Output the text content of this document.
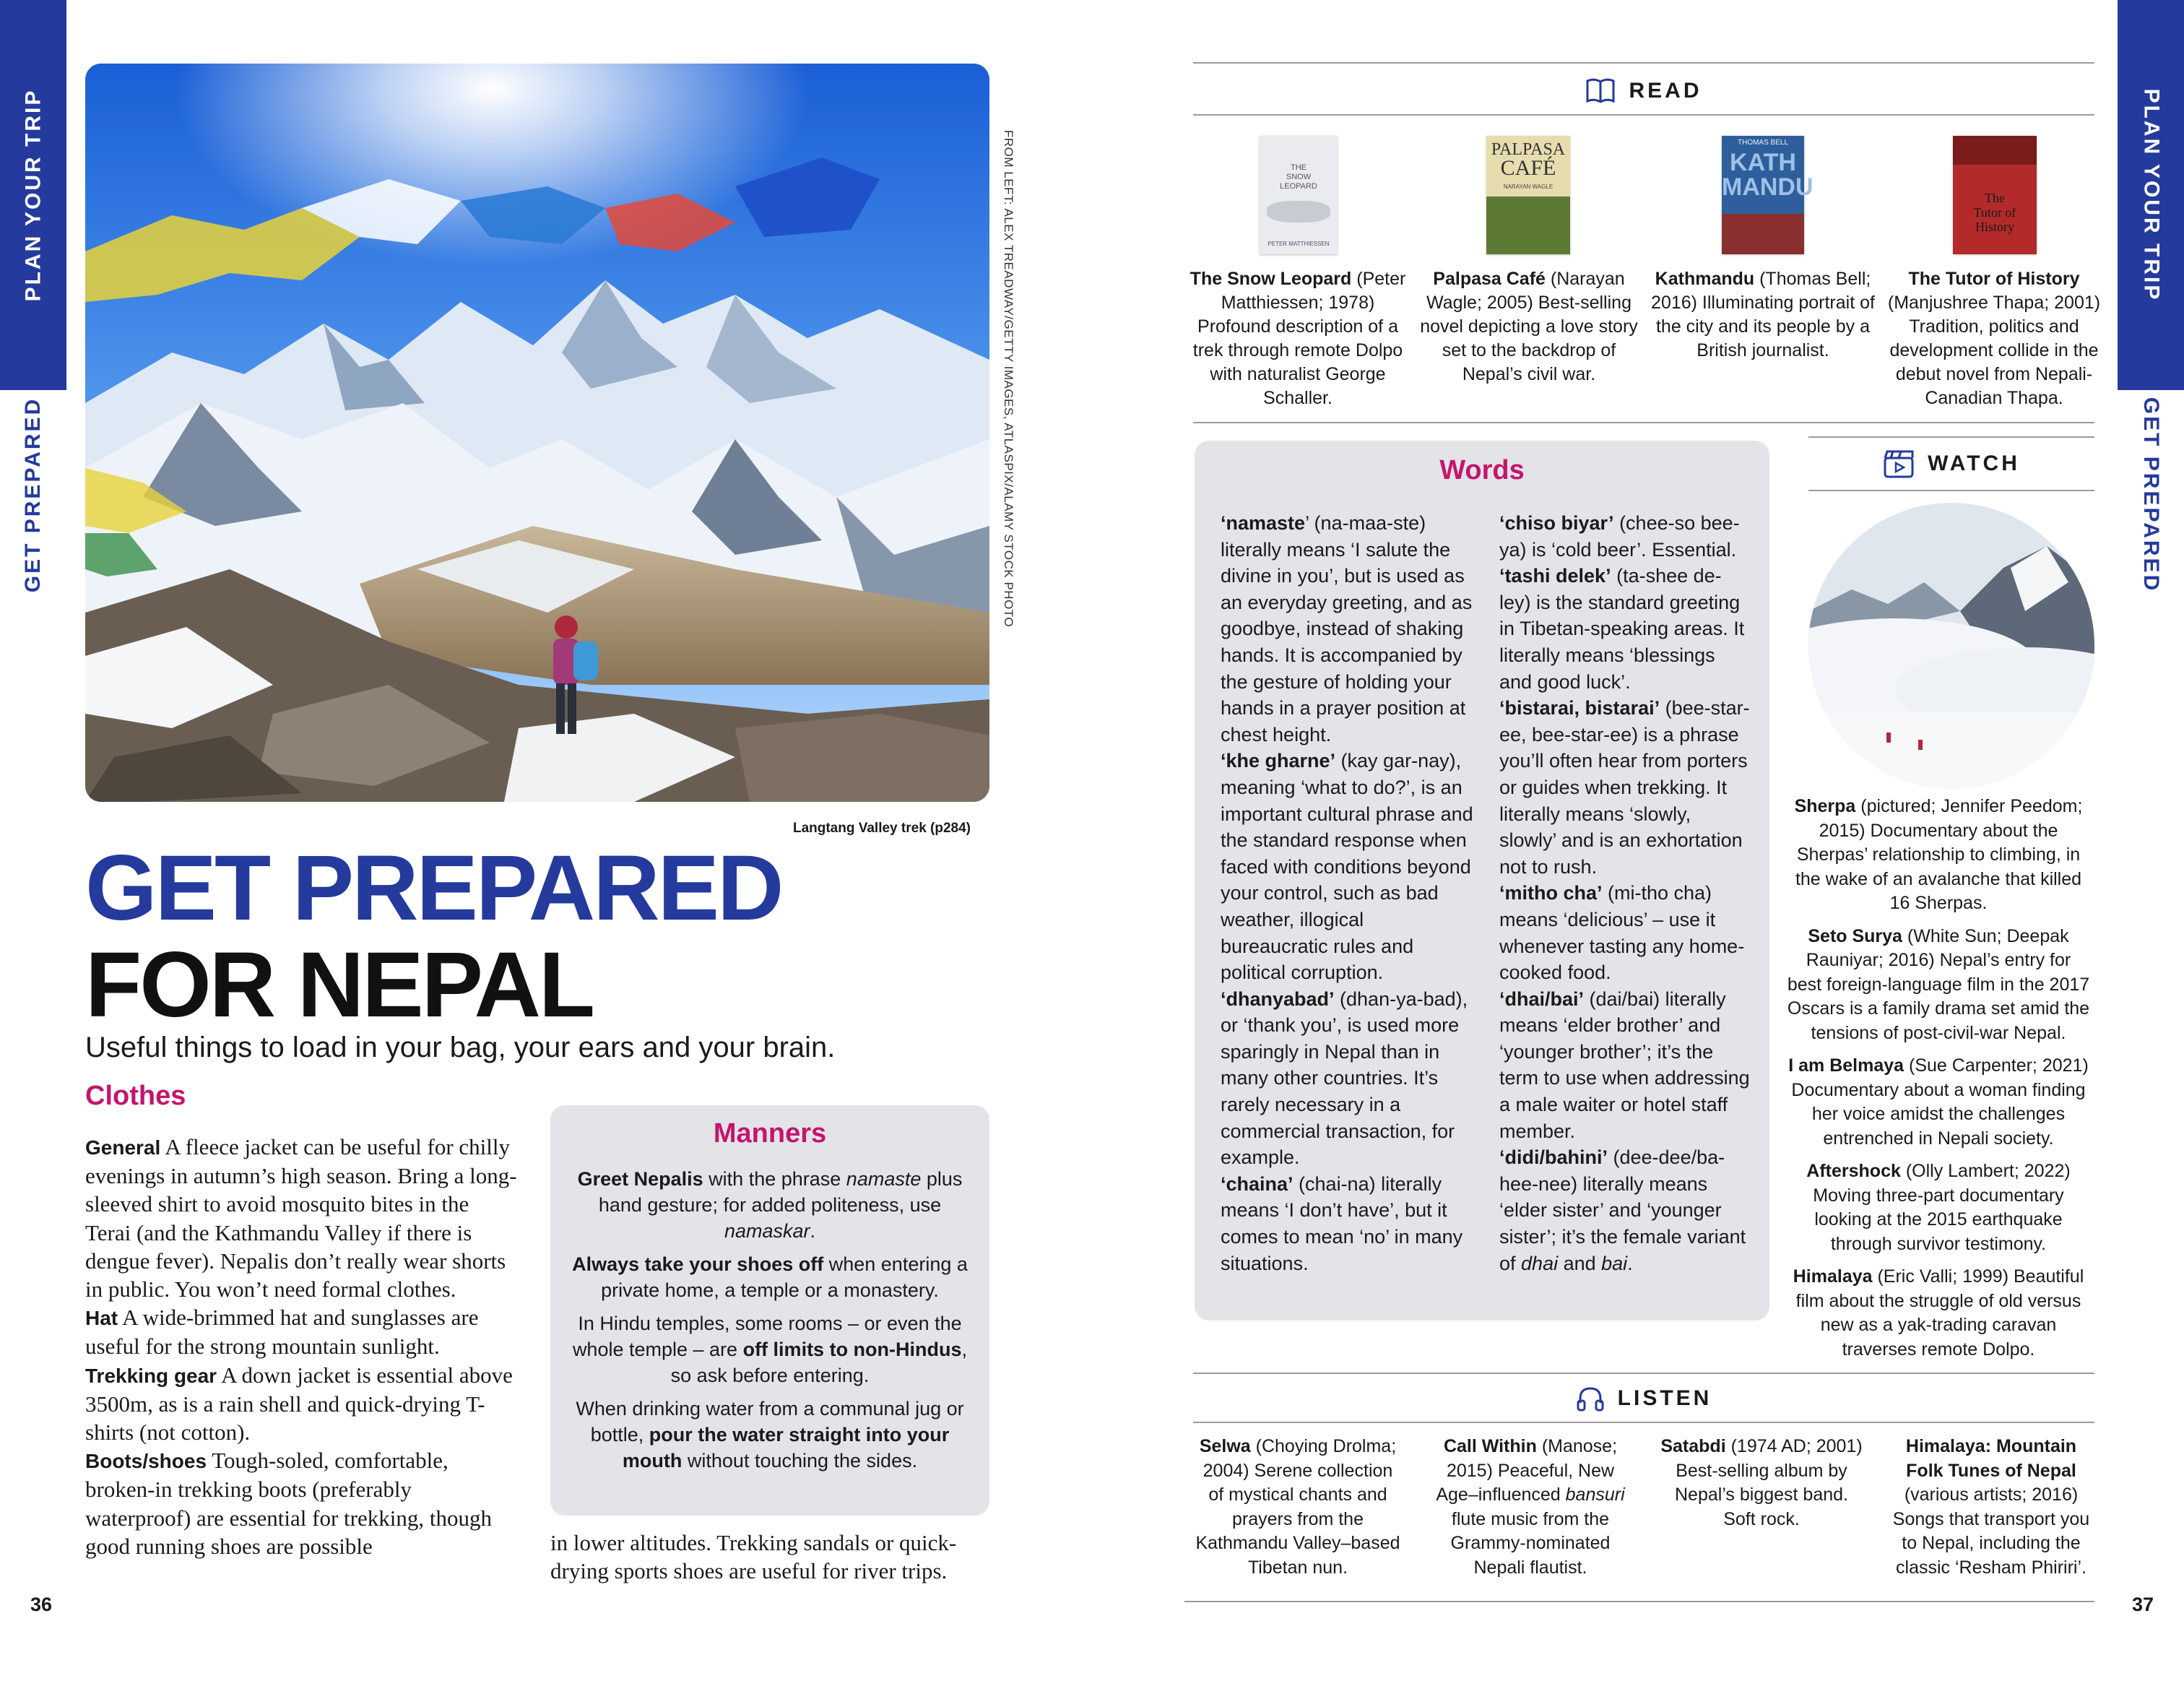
PLAN YOUR TRIP
GET PREPARED
PLAN YOUR TRIP
GET PREPARED
36	37
FROM LEFT: ALEX TREADWAY/GETTY IMAGES, ATLASPIX/ALAMY STOCK PHOTO
Langtang Valley trek (p284)
GET PREPARED
FOR NEPAL
Useful things to load in your bag, your ears and your brain.
Clothes
General A fleece jacket can be useful for chilly evenings in autumn’s high season. Bring a long-sleeved shirt to avoid mosquito bites in the Terai (and the Kathmandu Valley if there is dengue fever). Nepalis don’t really wear shorts in public. You won’t need formal clothes.
Hat A wide-brimmed hat and sunglasses are useful for the strong mountain sunlight.
Trekking gear A down jacket is essential above 3500m, as is a rain shell and quick-drying T-shirts (not cotton).
Boots/shoes Tough-soled, comfortable, broken-in trekking boots (preferably waterproof) are essential for trekking, though good running shoes are possible	in lower altitudes. Trekking sandals or quick-drying sports shoes are useful for river trips.
Manners

Greet Nepalis with the phrase namaste plus hand gesture; for added politeness, use namaskar.

Always take your shoes off when entering a private home, a temple or a monastery.

In Hindu temples, some rooms – or even the whole temple – are off limits to non-Hindus, so ask before entering.

When drinking water from a communal jug or bottle, pour the water straight into your mouth without touching the sides.

READ
THE
SNOW
LEOPARD
PETER MATTHIESSEN
PALPASA
CAFÉ
NARAYAN WAGLE
THOMAS BELL
KATH
MANDU	The
Tutor of
History
The Snow Leopard (Peter Matthiessen; 1978) Profound description of a trek through remote Dolpo with naturalist George Schaller.
Palpasa Café (Narayan Wagle; 2005) Best-selling novel depicting a love story set to the backdrop of Nepal’s civil war.
Kathmandu (Thomas Bell; 2016) Illuminating portrait of the city and its people by a British journalist.
The Tutor of History (Manjushree Thapa; 2001) Tradition, politics and development collide in the debut novel from Nepali-Canadian Thapa.
Words
‘namaste’ (na-maa-ste) literally means ‘I salute the divine in you’, but is used as an everyday greeting, and as goodbye, instead of shaking hands. It is accompanied by the gesture of holding your hands in a prayer position at chest height.
‘khe gharne’ (kay gar-nay), meaning ‘what to do?’, is an important cultural phrase and the standard response when faced with conditions beyond your control, such as bad weather, illogical bureaucratic rules and political corruption.
‘dhanyabad’ (dhan-ya-bad), or ‘thank you’, is used more sparingly in Nepal than in many other countries. It’s rarely necessary in a commercial transaction, for example.
‘chaina’ (chai-na) literally means ‘I don’t have’, but it comes to mean ‘no’ in many situations.
‘chiso biyar’ (chee-so bee-ya) is ‘cold beer’. Essential.
‘tashi delek’ (ta-shee de-ley) is the standard greeting in Tibetan-speaking areas. It literally means ‘blessings and good luck’.
‘bistarai, bistarai’ (bee-star-ee, bee-star-ee) is a phrase you’ll often hear from porters or guides when trekking. It literally means ‘slowly, slowly’ and is an exhortation not to rush.
‘mitho cha’ (mi-tho cha) means ‘delicious’ – use it whenever tasting any home-cooked food.
‘dhai/bai’ (dai/bai) literally means ‘elder brother’ and ‘younger brother’; it’s the term to use when addressing a male waiter or hotel staff member.
‘didi/bahini’ (dee-dee/ba-hee-nee) literally means ‘elder sister’ and ‘younger sister’; it’s the female variant of dhai and bai.
WATCH

Sherpa (pictured; Jennifer Peedom; 2015) Documentary about the Sherpas’ relationship to climbing, in the wake of an avalanche that killed 16 Sherpas.

Seto Surya (White Sun; Deepak Rauniyar; 2016) Nepal’s entry for best foreign-language film in the 2017 Oscars is a family drama set amid the tensions of post-civil-war Nepal.

I am Belmaya (Sue Carpenter; 2021) Documentary about a woman finding her voice amidst the challenges entrenched in Nepali society.

Aftershock (Olly Lambert; 2022) Moving three-part documentary looking at the 2015 earthquake through survivor testimony.

Himalaya (Eric Valli; 1999) Beautiful film about the struggle of old versus new as a yak-trading caravan traverses remote Dolpo.

LISTEN
Selwa (Choying Drolma; 2004) Serene collection of mystical chants and prayers from the Kathmandu Valley–based Tibetan nun.
Call Within (Manose; 2015) Peaceful, New Age–influenced bansuri flute music from the Grammy-nominated Nepali flautist.
Satabdi (1974 AD; 2001) Best-selling album by Nepal’s biggest band. Soft rock.
Himalaya: Mountain Folk Tunes of Nepal (various artists; 2016) Songs that transport you to Nepal, including the classic ‘Resham Phiriri’.
